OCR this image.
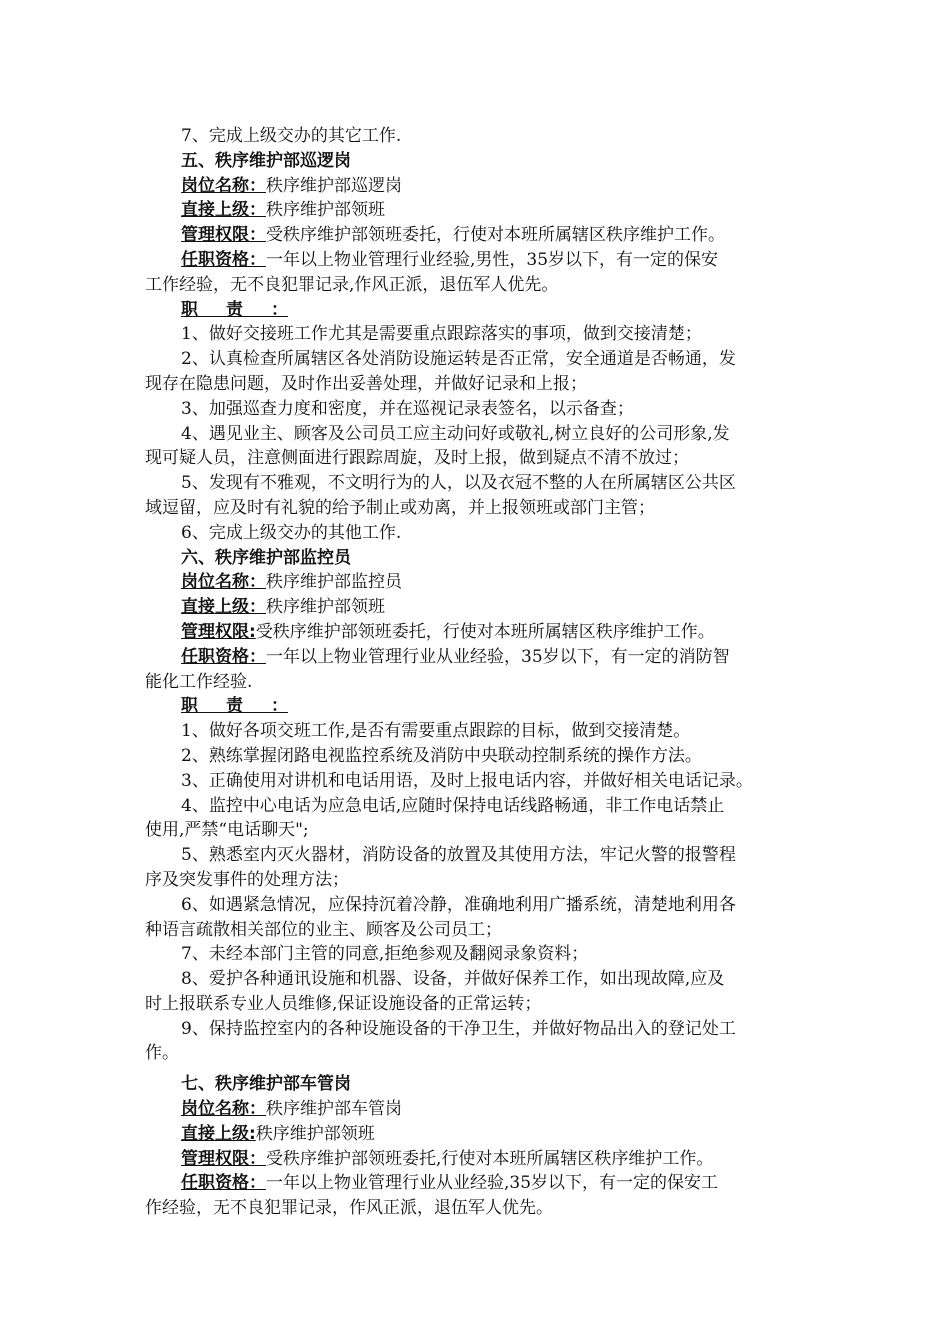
7、完成上级交办的其它工作.
五、秩序维护部巡逻岗
岗位名称：秩序维护部巡逻岗
直接上级：秩序维护部领班
管理权限：受秩序维护部领班委托，行使对本班所属辖区秩序维护工作。
任职资格：一年以上物业管理行业经验,男性，35岁以下，有一定的保安
工作经验，无不良犯罪记录,作风正派，退伍军人优先。
职责：
1、做好交接班工作尤其是需要重点跟踪落实的事项，做到交接清楚；
2、认真检查所属辖区各处消防设施运转是否正常，安全通道是否畅通，发
现存在隐患问题，及时作出妥善处理，并做好记录和上报；
3、加强巡查力度和密度，并在巡视记录表签名，以示备查；
4、遇见业主、顾客及公司员工应主动问好或敬礼,树立良好的公司形象,发
现可疑人员，注意侧面进行跟踪周旋，及时上报，做到疑点不清不放过；
5、发现有不雅观，不文明行为的人，以及衣冠不整的人在所属辖区公共区
域逗留，应及时有礼貌的给予制止或劝离，并上报领班或部门主管；
6、完成上级交办的其他工作.
六、秩序维护部监控员
岗位名称：秩序维护部监控员
直接上级：秩序维护部领班
管理权限:受秩序维护部领班委托，行使对本班所属辖区秩序维护工作。
任职资格：一年以上物业管理行业从业经验，35岁以下，有一定的消防智
能化工作经验.
职责：
1、做好各项交班工作,是否有需要重点跟踪的目标，做到交接清楚。
2、熟练掌握闭路电视监控系统及消防中央联动控制系统的操作方法。
3、正确使用对讲机和电话用语，及时上报电话内容，并做好相关电话记录。
4、监控中心电话为应急电话,应随时保持电话线路畅通，非工作电话禁止
使用,严禁“电话聊天";
5、熟悉室内灭火器材，消防设备的放置及其使用方法，牢记火警的报警程
序及突发事件的处理方法；
6、如遇紧急情况，应保持沉着冷静，准确地利用广播系统，清楚地利用各
种语言疏散相关部位的业主、顾客及公司员工；
7、未经本部门主管的同意,拒绝参观及翻阅录象资料；
8、爱护各种通讯设施和机器、设备，并做好保养工作，如出现故障,应及
时上报联系专业人员维修,保证设施设备的正常运转；
9、保持监控室内的各种设施设备的干净卫生，并做好物品出入的登记处工
作。
七、秩序维护部车管岗
岗位名称：秩序维护部车管岗
直接上级:秩序维护部领班
管理权限：受秩序维护部领班委托,行使对本班所属辖区秩序维护工作。
任职资格：一年以上物业管理行业从业经验,35岁以下，有一定的保安工
作经验，无不良犯罪记录，作风正派，退伍军人优先。
